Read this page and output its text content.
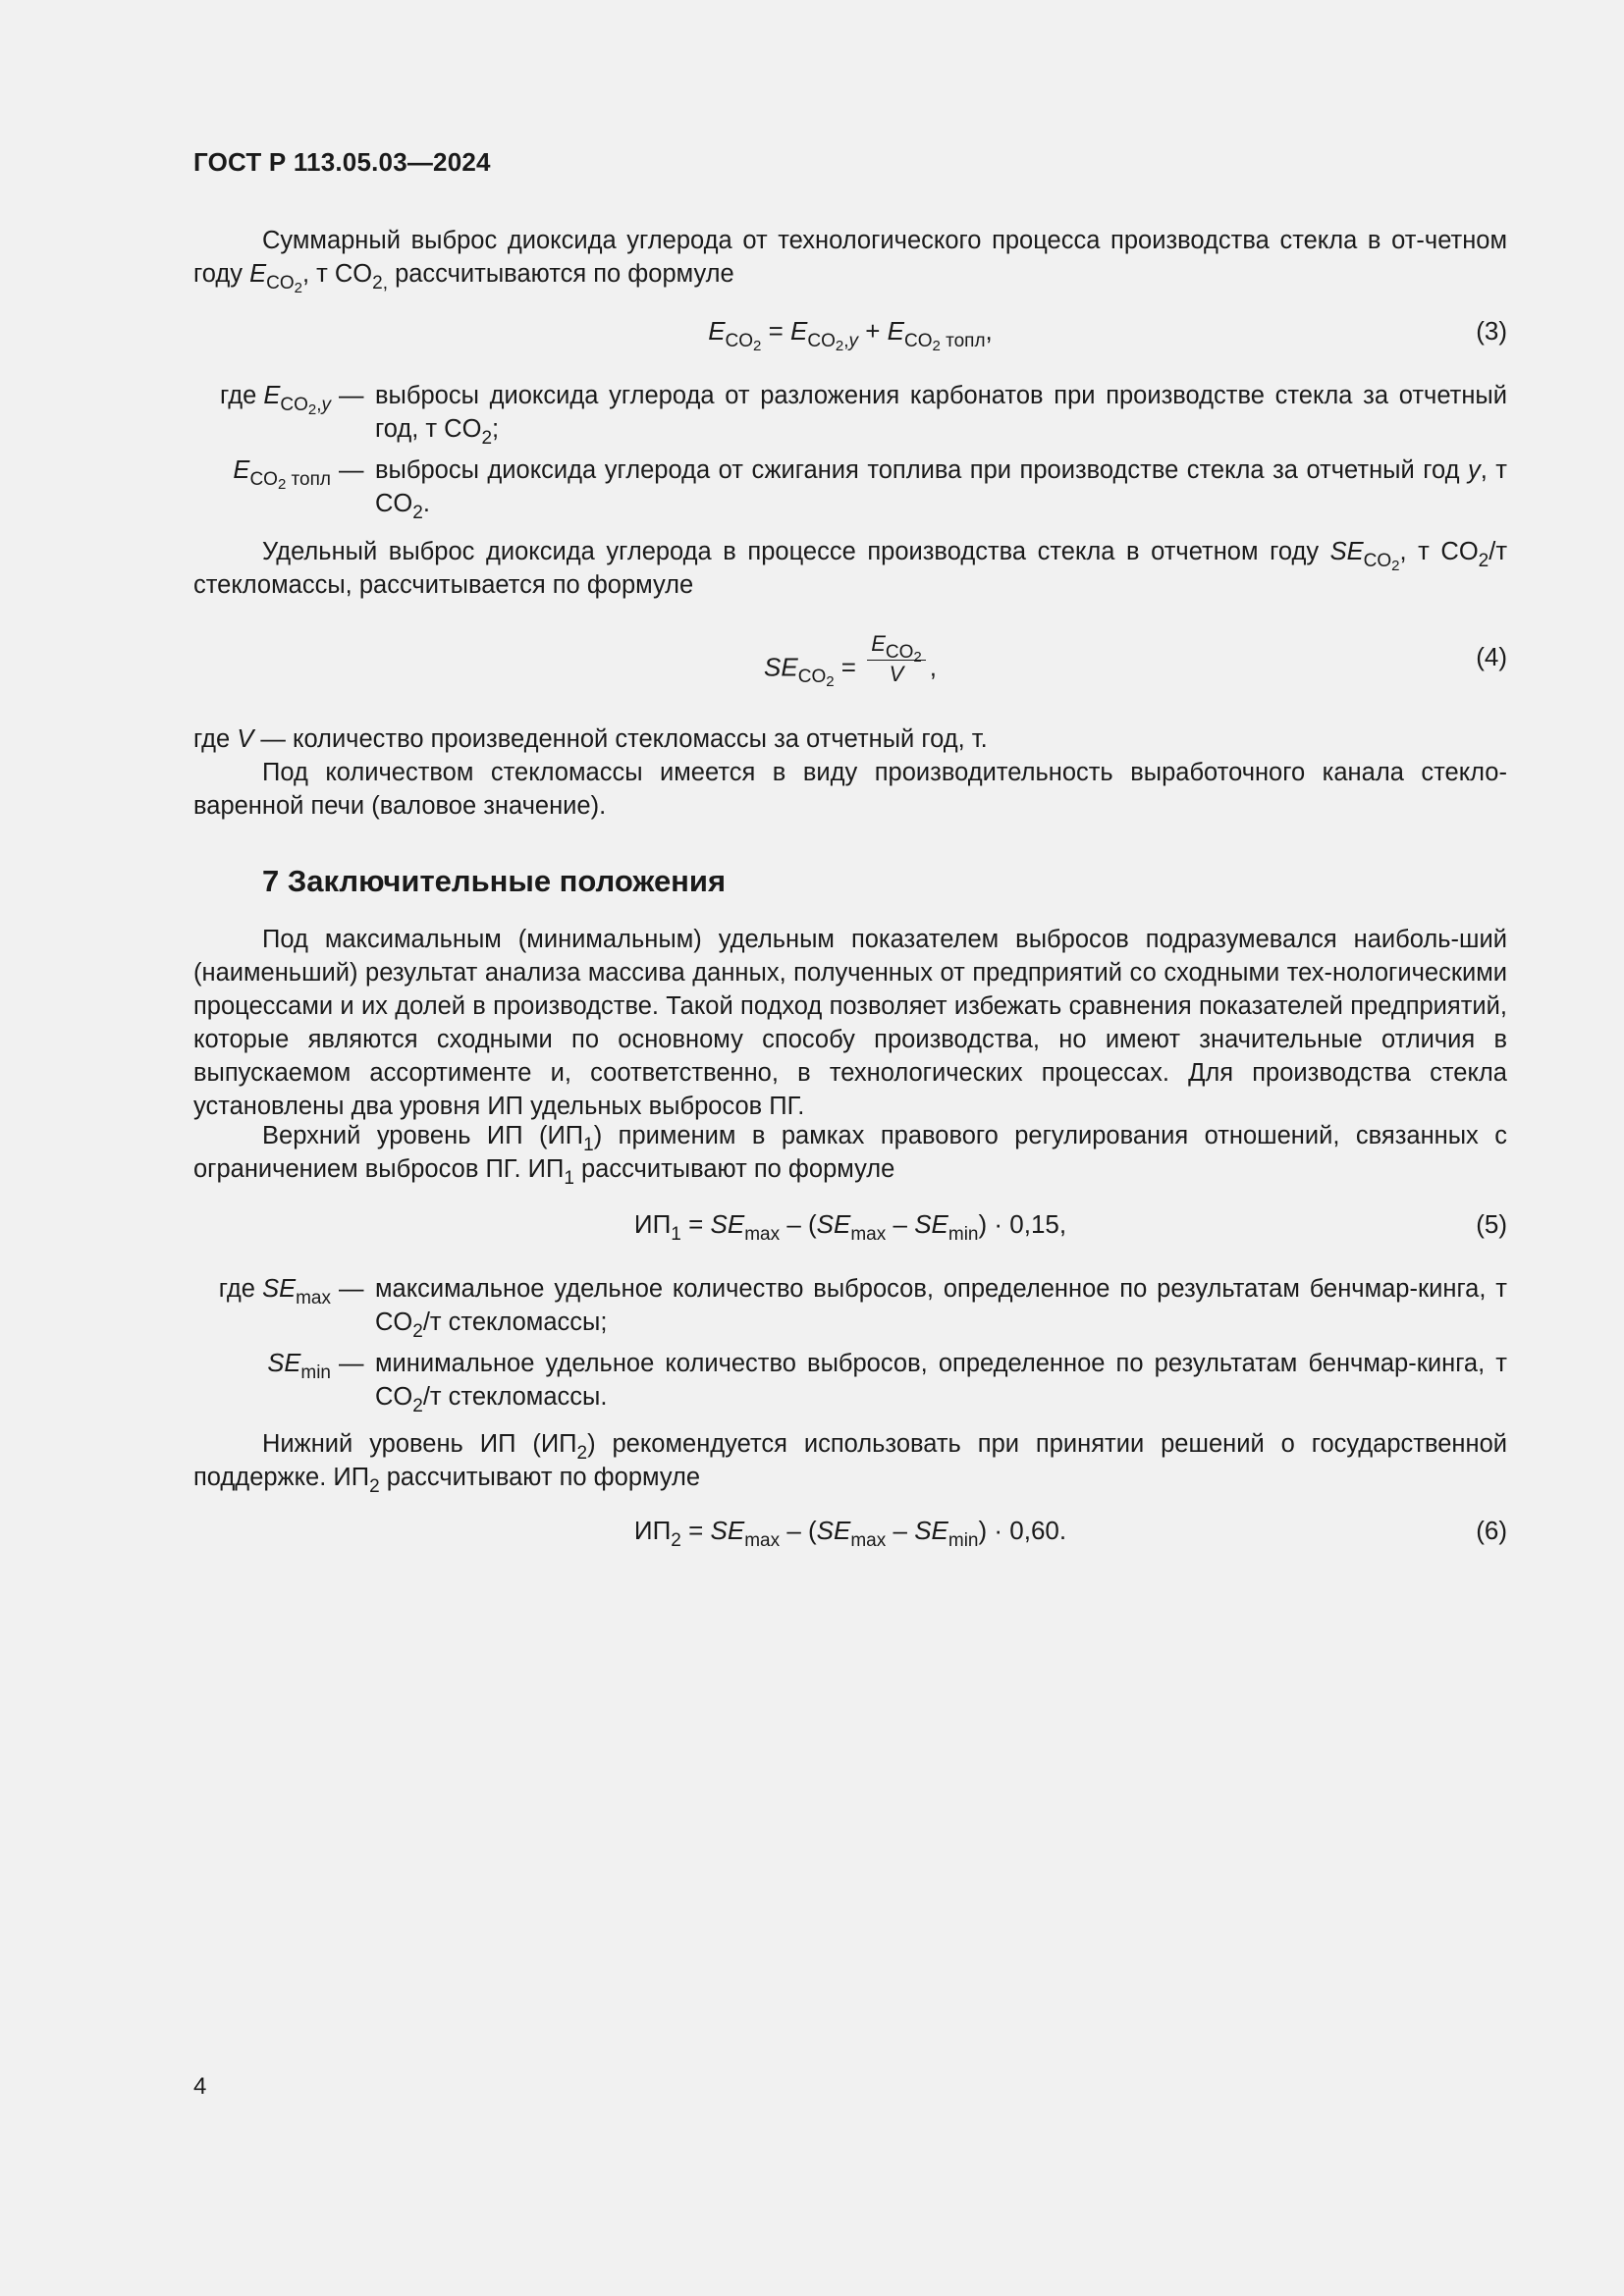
ГОСТ Р 113.05.03—2024
Суммарный выброс диоксида углерода от технологического процесса производства стекла в от-четном году $E_{CO_2}$, т $CO_{2,}$ рассчитываются по формуле
$E_{CO_2} = E_{CO_2,y} + E_{CO_2 топл}$,	(3)
где $E_{CO_2,y}$ — выбросы диоксида углерода от разложения карбонатов при производстве стекла за отчетный год, т $CO_2$;
$E_{CO_2 топл}$ — выбросы диоксида углерода от сжигания топлива при производстве стекла за отчетный год y, т $CO_2$.
Удельный выброс диоксида углерода в процессе производства стекла в отчетном году $SE_{CO_2}$, т $CO_2/т$ стекломассы, рассчитывается по формуле
$SE_{CO_2} = \frac{E_{CO_2}}{V}$ ,	(4)
где V — количество произведенной стекломассы за отчетный год, т.
Под количеством стекломассы имеется в виду производительность выработочного канала стекло-варенной печи (валовое значение).
7 Заключительные положения
Под максимальным (минимальным) удельным показателем выбросов подразумевался наиболь-ший (наименьший) результат анализа массива данных, полученных от предприятий со сходными тех-нологическими процессами и их долей в производстве. Такой подход позволяет избежать сравнения показателей предприятий, которые являются сходными по основному способу производства, но имеют значительные отличия в выпускаемом ассортименте и, соответственно, в технологических процессах. Для производства стекла установлены два уровня ИП удельных выбросов ПГ.
Верхний уровень ИП $(ИП_1)$ применим в рамках правового регулирования отношений, связанных с ограничением выбросов ПГ. $ИП_1$ рассчитывают по формуле
$ИП_1 = SE_{max} - (SE_{max} - SE_{min}) \cdot 0,15$,	(5)
где $SE_{max}$ — максимальное удельное количество выбросов, определенное по результатам бенчмар-кинга, т $CO_2/т$ стекломассы;
$SE_{min}$ — минимальное удельное количество выбросов, определенное по результатам бенчмар-кинга, т $CO_2/т$ стекломассы.
Нижний уровень ИП $(ИП_2)$ рекомендуется использовать при принятии решений о государственной поддержке. $ИП_2$ рассчитывают по формуле
$ИП_2 = SE_{max} - (SE_{max} - SE_{min}) \cdot 0,60$.	(6)
4
